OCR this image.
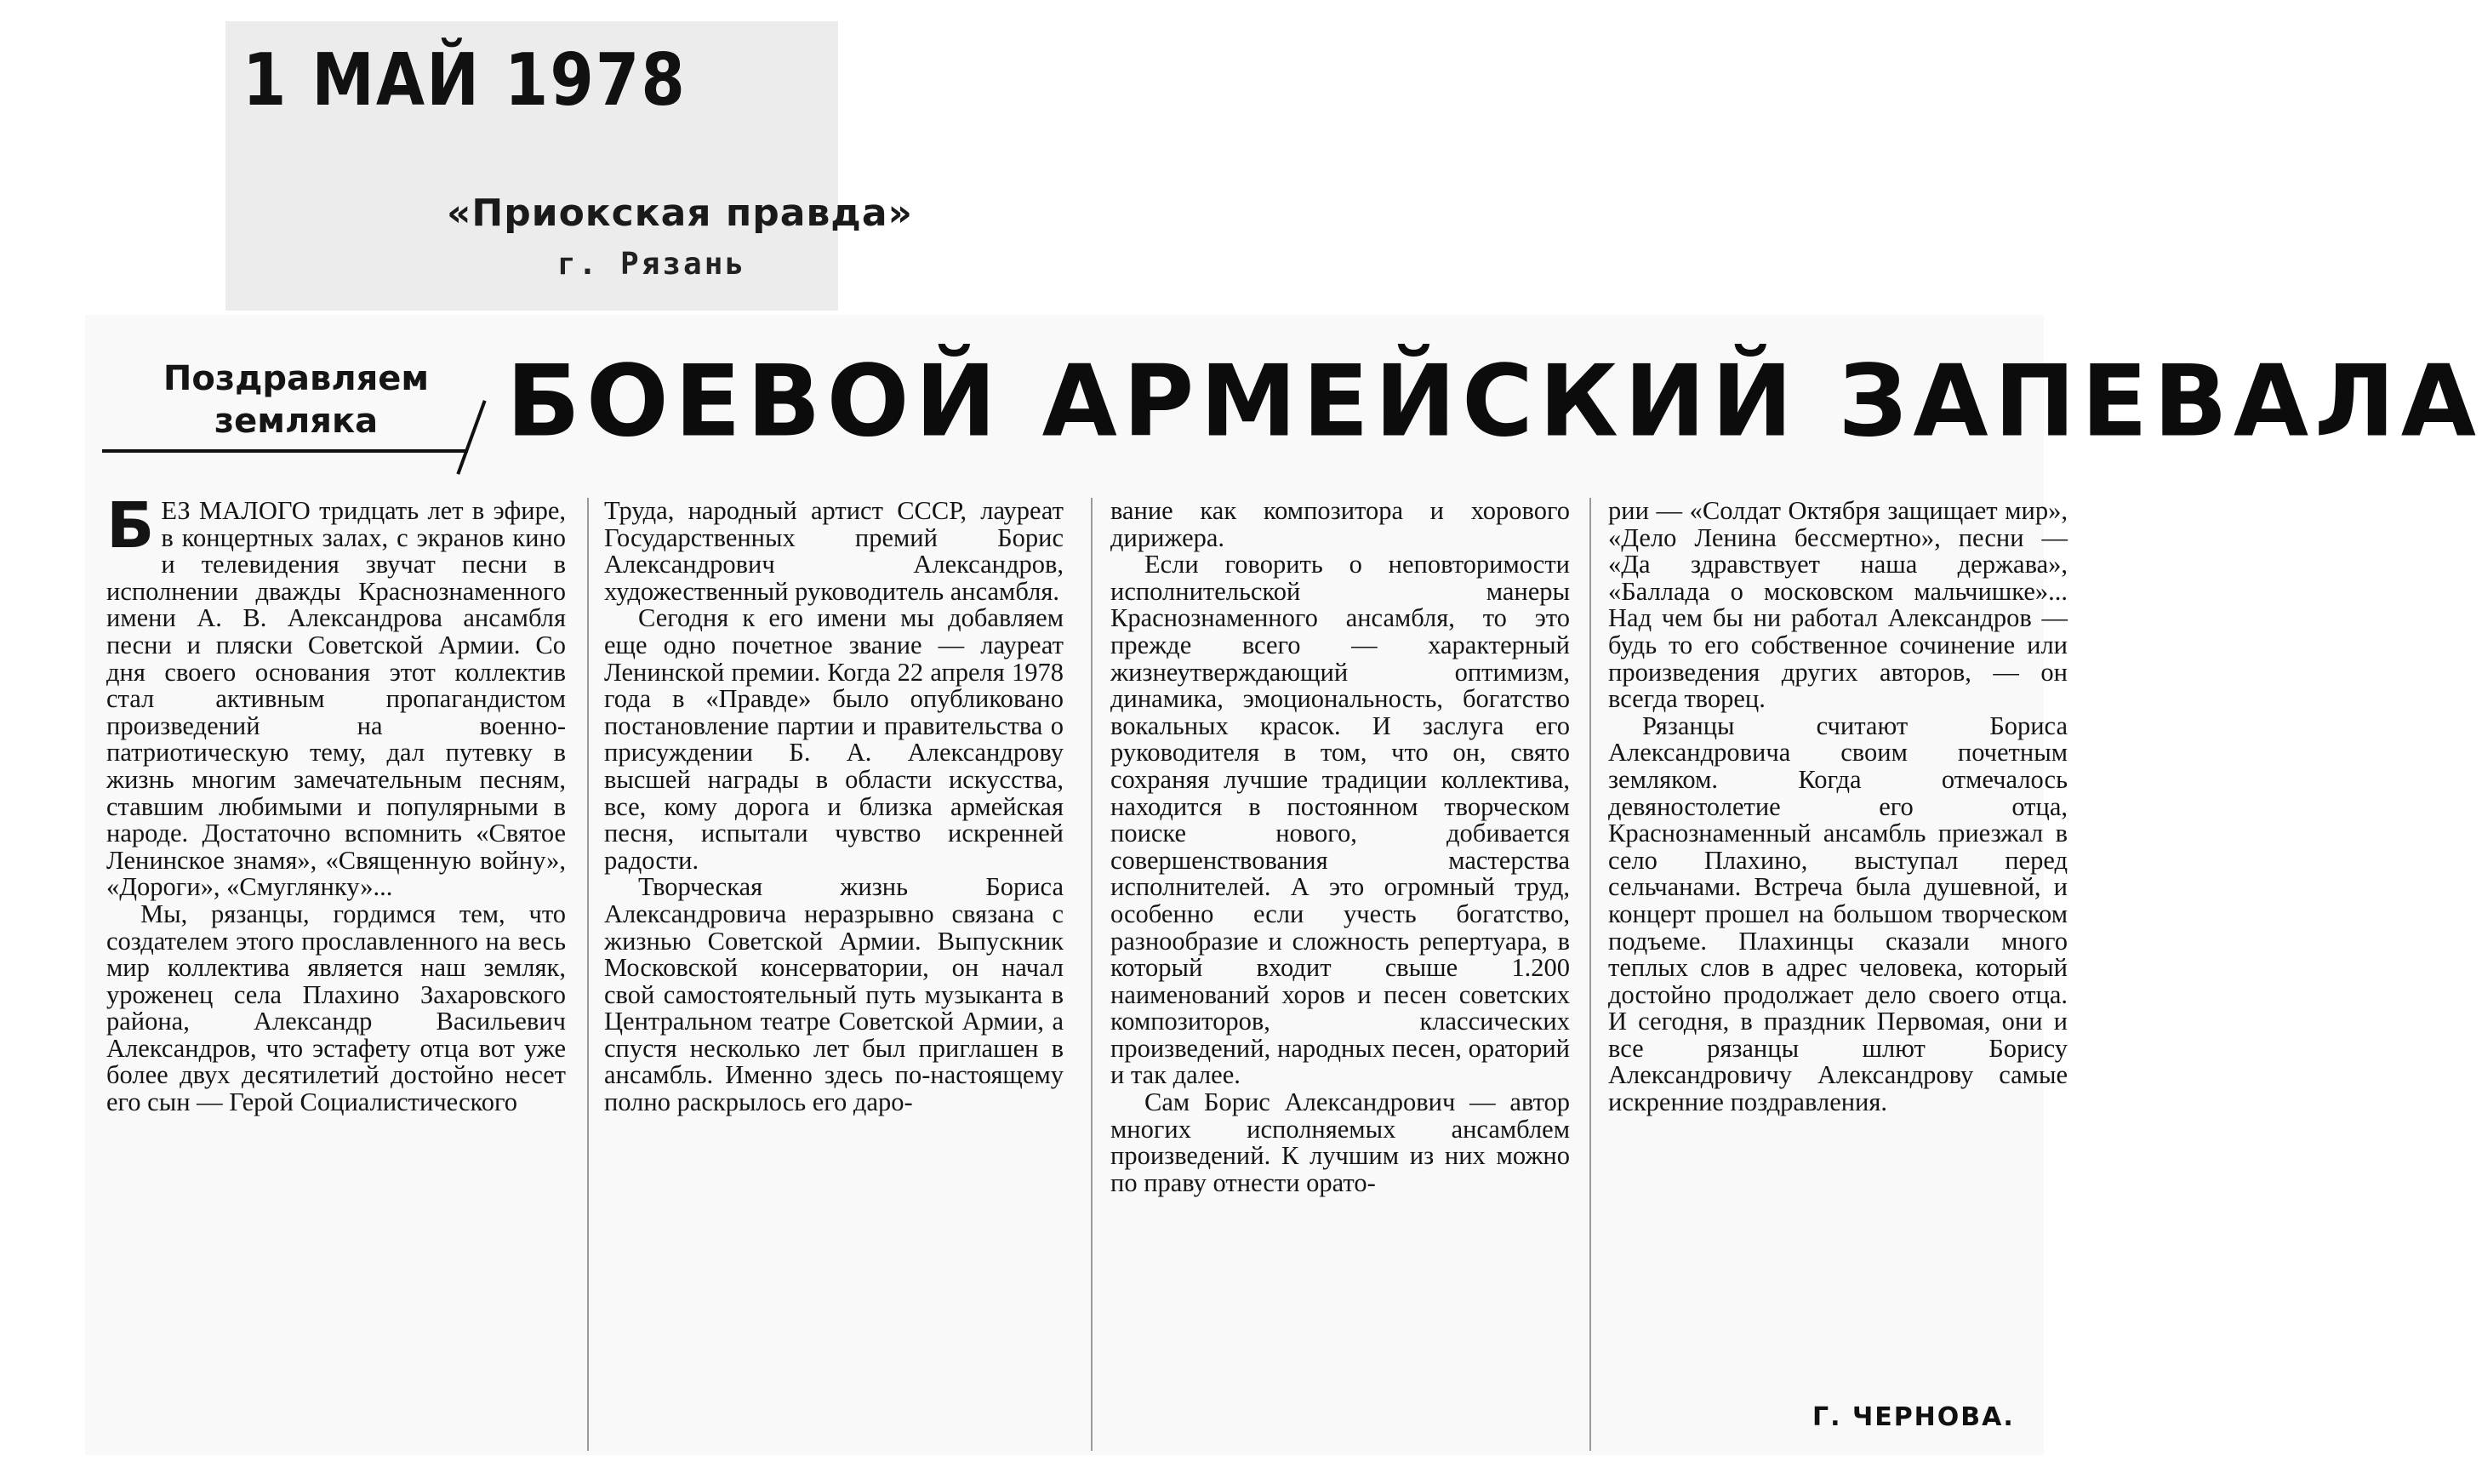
1 МАЙ 1978
«Приокская правда»
г. Рязань
Поздравляем
земляка	БОЕВОЙ АРМЕЙСКИЙ ЗАПЕВАЛА

БЕЗ МАЛОГО тридцать лет в эфире, в концертных залах, с экранов кино и телевидения звучат песни в исполнении дважды Краснознаменного имени А. В. Александрова ансамбля песни и пляски Советской Армии. Со дня своего основания этот коллектив стал активным пропагандистом произведений на военно-патриотическую тему, дал путевку в жизнь многим замечательным песням, ставшим любимыми и популярными в народе. Достаточно вспомнить «Святое Ленинское знамя», «Священную войну», «Дороги», «Смуглянку»...

Мы, рязанцы, гордимся тем, что создателем этого прославленного на весь мир коллектива является наш земляк, уроженец села Плахино Захаровского района, Александр Васильевич Александров, что эстафету отца вот уже более двух десятилетий достойно несет его сын — Герой Социалистического

Труда, народный артист СССР, лауреат Государственных премий Борис Александрович Александров, художественный руководитель ансамбля.

Сегодня к его имени мы добавляем еще одно почетное звание — лауреат Ленинской премии. Когда 22 апреля 1978 года в «Правде» было опубликовано постановление партии и правительства о присуждении Б. А. Александрову высшей награды в области искусства, все, кому дорога и близка армейская песня, испытали чувство искренней радости.

Творческая жизнь Бориса Александровича неразрывно связана с жизнью Советской Армии. Выпускник Московской консерватории, он начал свой самостоятельный путь музыканта в Центральном театре Советской Армии, а спустя несколько лет был приглашен в ансамбль. Именно здесь по-настоящему полно раскрылось его даро-

вание как композитора и хорового дирижера.

Если говорить о неповторимости исполнительской манеры Краснознаменного ансамбля, то это прежде всего — характерный жизнеутверждающий оптимизм, динамика, эмоциональность, богатство вокальных красок. И заслуга его руководителя в том, что он, свято сохраняя лучшие традиции коллектива, находится в постоянном творческом поиске нового, добивается совершенствования мастерства исполнителей. А это огромный труд, особенно если учесть богатство, разнообразие и сложность репертуара, в который входит свыше 1.200 наименований хоров и песен советских композиторов, классических произведений, народных песен, ораторий и так далее.

Сам Борис Александрович — автор многих исполняемых ансамблем произведений. К лучшим из них можно по праву отнести орато-

рии — «Солдат Октября защищает мир», «Дело Ленина бессмертно», песни — «Да здравствует наша держава», «Баллада о московском мальчишке»... Над чем бы ни работал Александров — будь то его собственное сочинение или произведения других авторов, — он всегда творец.

Рязанцы считают Бориса Александровича своим почетным земляком. Когда отмечалось девяностолетие его отца, Краснознаменный ансамбль приезжал в село Плахино, выступал перед сельчанами. Встреча была душевной, и концерт прошел на большом творческом подъеме. Плахинцы сказали много теплых слов в адрес человека, который достойно продолжает дело своего отца. И сегодня, в праздник Первомая, они и все рязанцы шлют Борису Александровичу Александрову самые искренние поздравления.

Г. ЧЕРНОВА.
